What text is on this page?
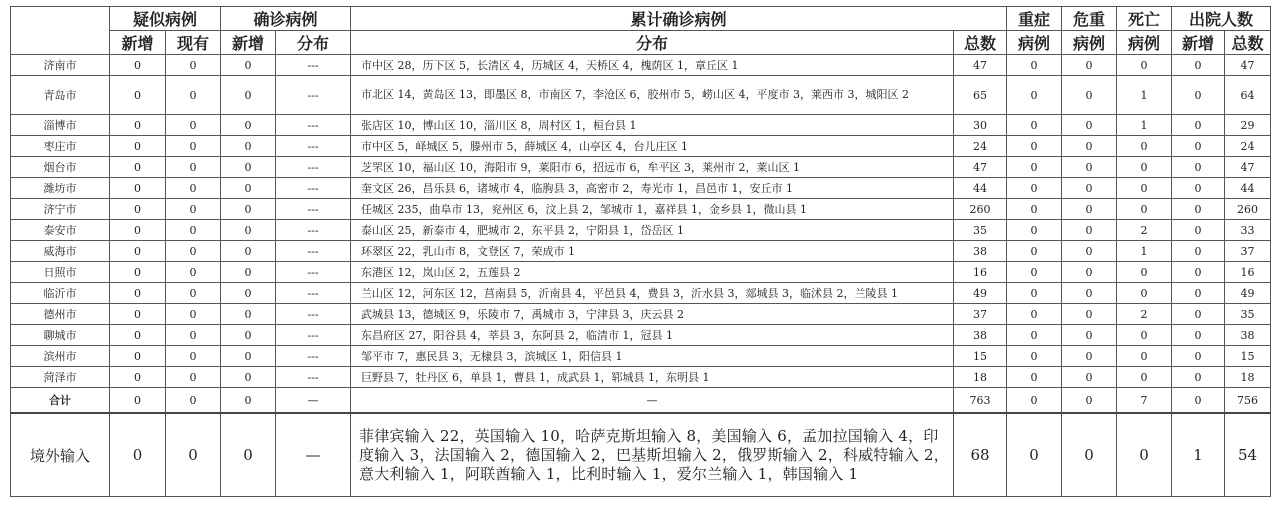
	疑似病例		确诊病例		累计确诊病例		重症	危重	死亡	出院人数	
	新增	现有	新增	分布	分布	总数	病例	病例	病例	新增	总数
济南市	0	0	0	---	市中区 28，历下区 5，长清区 4，历城区 4，天桥区 4，槐荫区 1，章丘区 1	47	0	0	0	0	47
青岛市	0	0	0	---	市北区 14，黄岛区 13，即墨区 8，市南区 7，李沧区 6，胶州市 5，崂山区 4，平度市 3，莱西市 3，城阳区 2	65	0	0	1	0	64
淄博市	0	0	0	---	张店区 10，博山区 10，淄川区 8，周村区 1，桓台县 1	30	0	0	1	0	29
枣庄市	0	0	0	---	市中区 5，峄城区 5，滕州市 5，薛城区 4，山亭区 4，台儿庄区 1	24	0	0	0	0	24
烟台市	0	0	0	---	芝罘区 10，福山区 10，海阳市 9，莱阳市 6，招远市 6，牟平区 3，莱州市 2，莱山区 1	47	0	0	0	0	47
潍坊市	0	0	0	---	奎文区 26，昌乐县 6，诸城市 4，临朐县 3，高密市 2，寿光市 1，昌邑市 1，安丘市 1	44	0	0	0	0	44
济宁市	0	0	0	---	任城区 235，曲阜市 13，兖州区 6，汶上县 2，邹城市 1，嘉祥县 1，金乡县 1，微山县 1	260	0	0	0	0	260
泰安市	0	0	0	---	泰山区 25，新泰市 4，肥城市 2，东平县 2，宁阳县 1，岱岳区 1	35	0	0	2	0	33
威海市	0	0	0	---	环翠区 22，乳山市 8，文登区 7，荣成市 1	38	0	0	1	0	37
日照市	0	0	0	---	东港区 12，岚山区 2，五莲县 2	16	0	0	0	0	16
临沂市	0	0	0	---	兰山区 12，河东区 12，莒南县 5，沂南县 4，平邑县 4，费县 3，沂水县 3，郯城县 3，临沭县 2，兰陵县 1	49	0	0	0	0	49
德州市	0	0	0	---	武城县 13，德城区 9，乐陵市 7，禹城市 3，宁津县 3，庆云县 2	37	0	0	2	0	35
聊城市	0	0	0	---	东昌府区 27，阳谷县 4，莘县 3，东阿县 2，临清市 1，冠县 1	38	0	0	0	0	38
滨州市	0	0	0	---	邹平市 7，惠民县 3，无棣县 3，滨城区 1，阳信县 1	15	0	0	0	0	15
菏泽市	0	0	0	---	巨野县 7，牡丹区 6，单县 1，曹县 1，成武县 1，郓城县 1，东明县 1	18	0	0	0	0	18
合计	0	0	0	—	—	763	0	0	7	0	756
境外输入	0	0	0	—	菲律宾输入 22，英国输入 10，哈萨克斯坦输入 8，美国输入 6，孟加拉国输入 4，印度输入 3，法国输入 2，德国输入 2，巴基斯坦输入 2，俄罗斯输入 2，科威特输入 2，意大利输入 1，阿联酋输入 1，比利时输入 1，爱尔兰输入 1，韩国输入 1	68	0	0	0	1	54
